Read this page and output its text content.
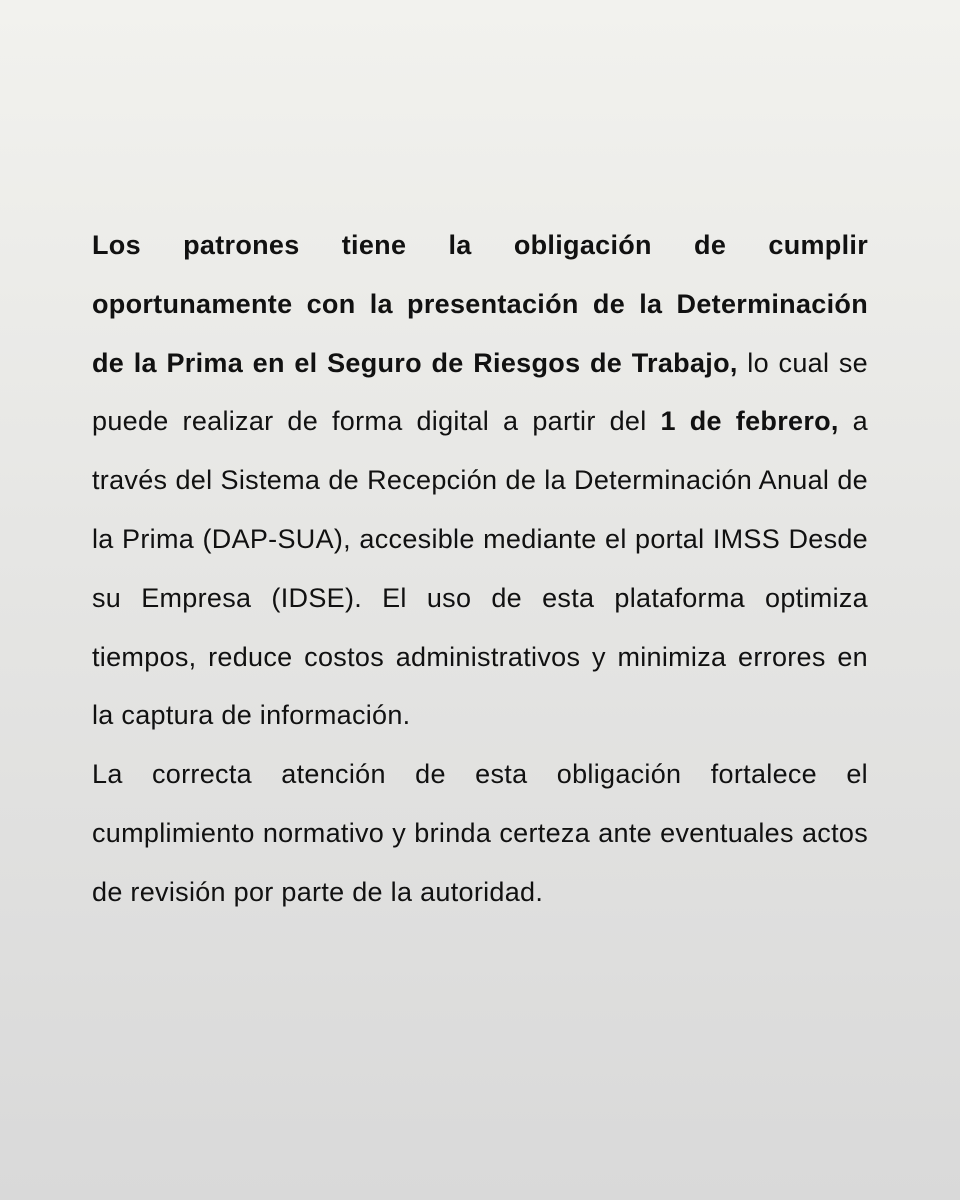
Los patrones tiene la obligación de cumplir oportunamente con la presentación de la Determinación de la Prima en el Seguro de Riesgos de Trabajo, lo cual se puede realizar de forma digital a partir del 1 de febrero, a través del Sistema de Recepción de la Determinación Anual de la Prima (DAP-SUA), accesible mediante el portal IMSS Desde su Empresa (IDSE). El uso de esta plataforma optimiza tiempos, reduce costos administrativos y minimiza errores en la captura de información.

La correcta atención de esta obligación fortalece el cumplimiento normativo y brinda certeza ante eventuales actos de revisión por parte de la autoridad.
